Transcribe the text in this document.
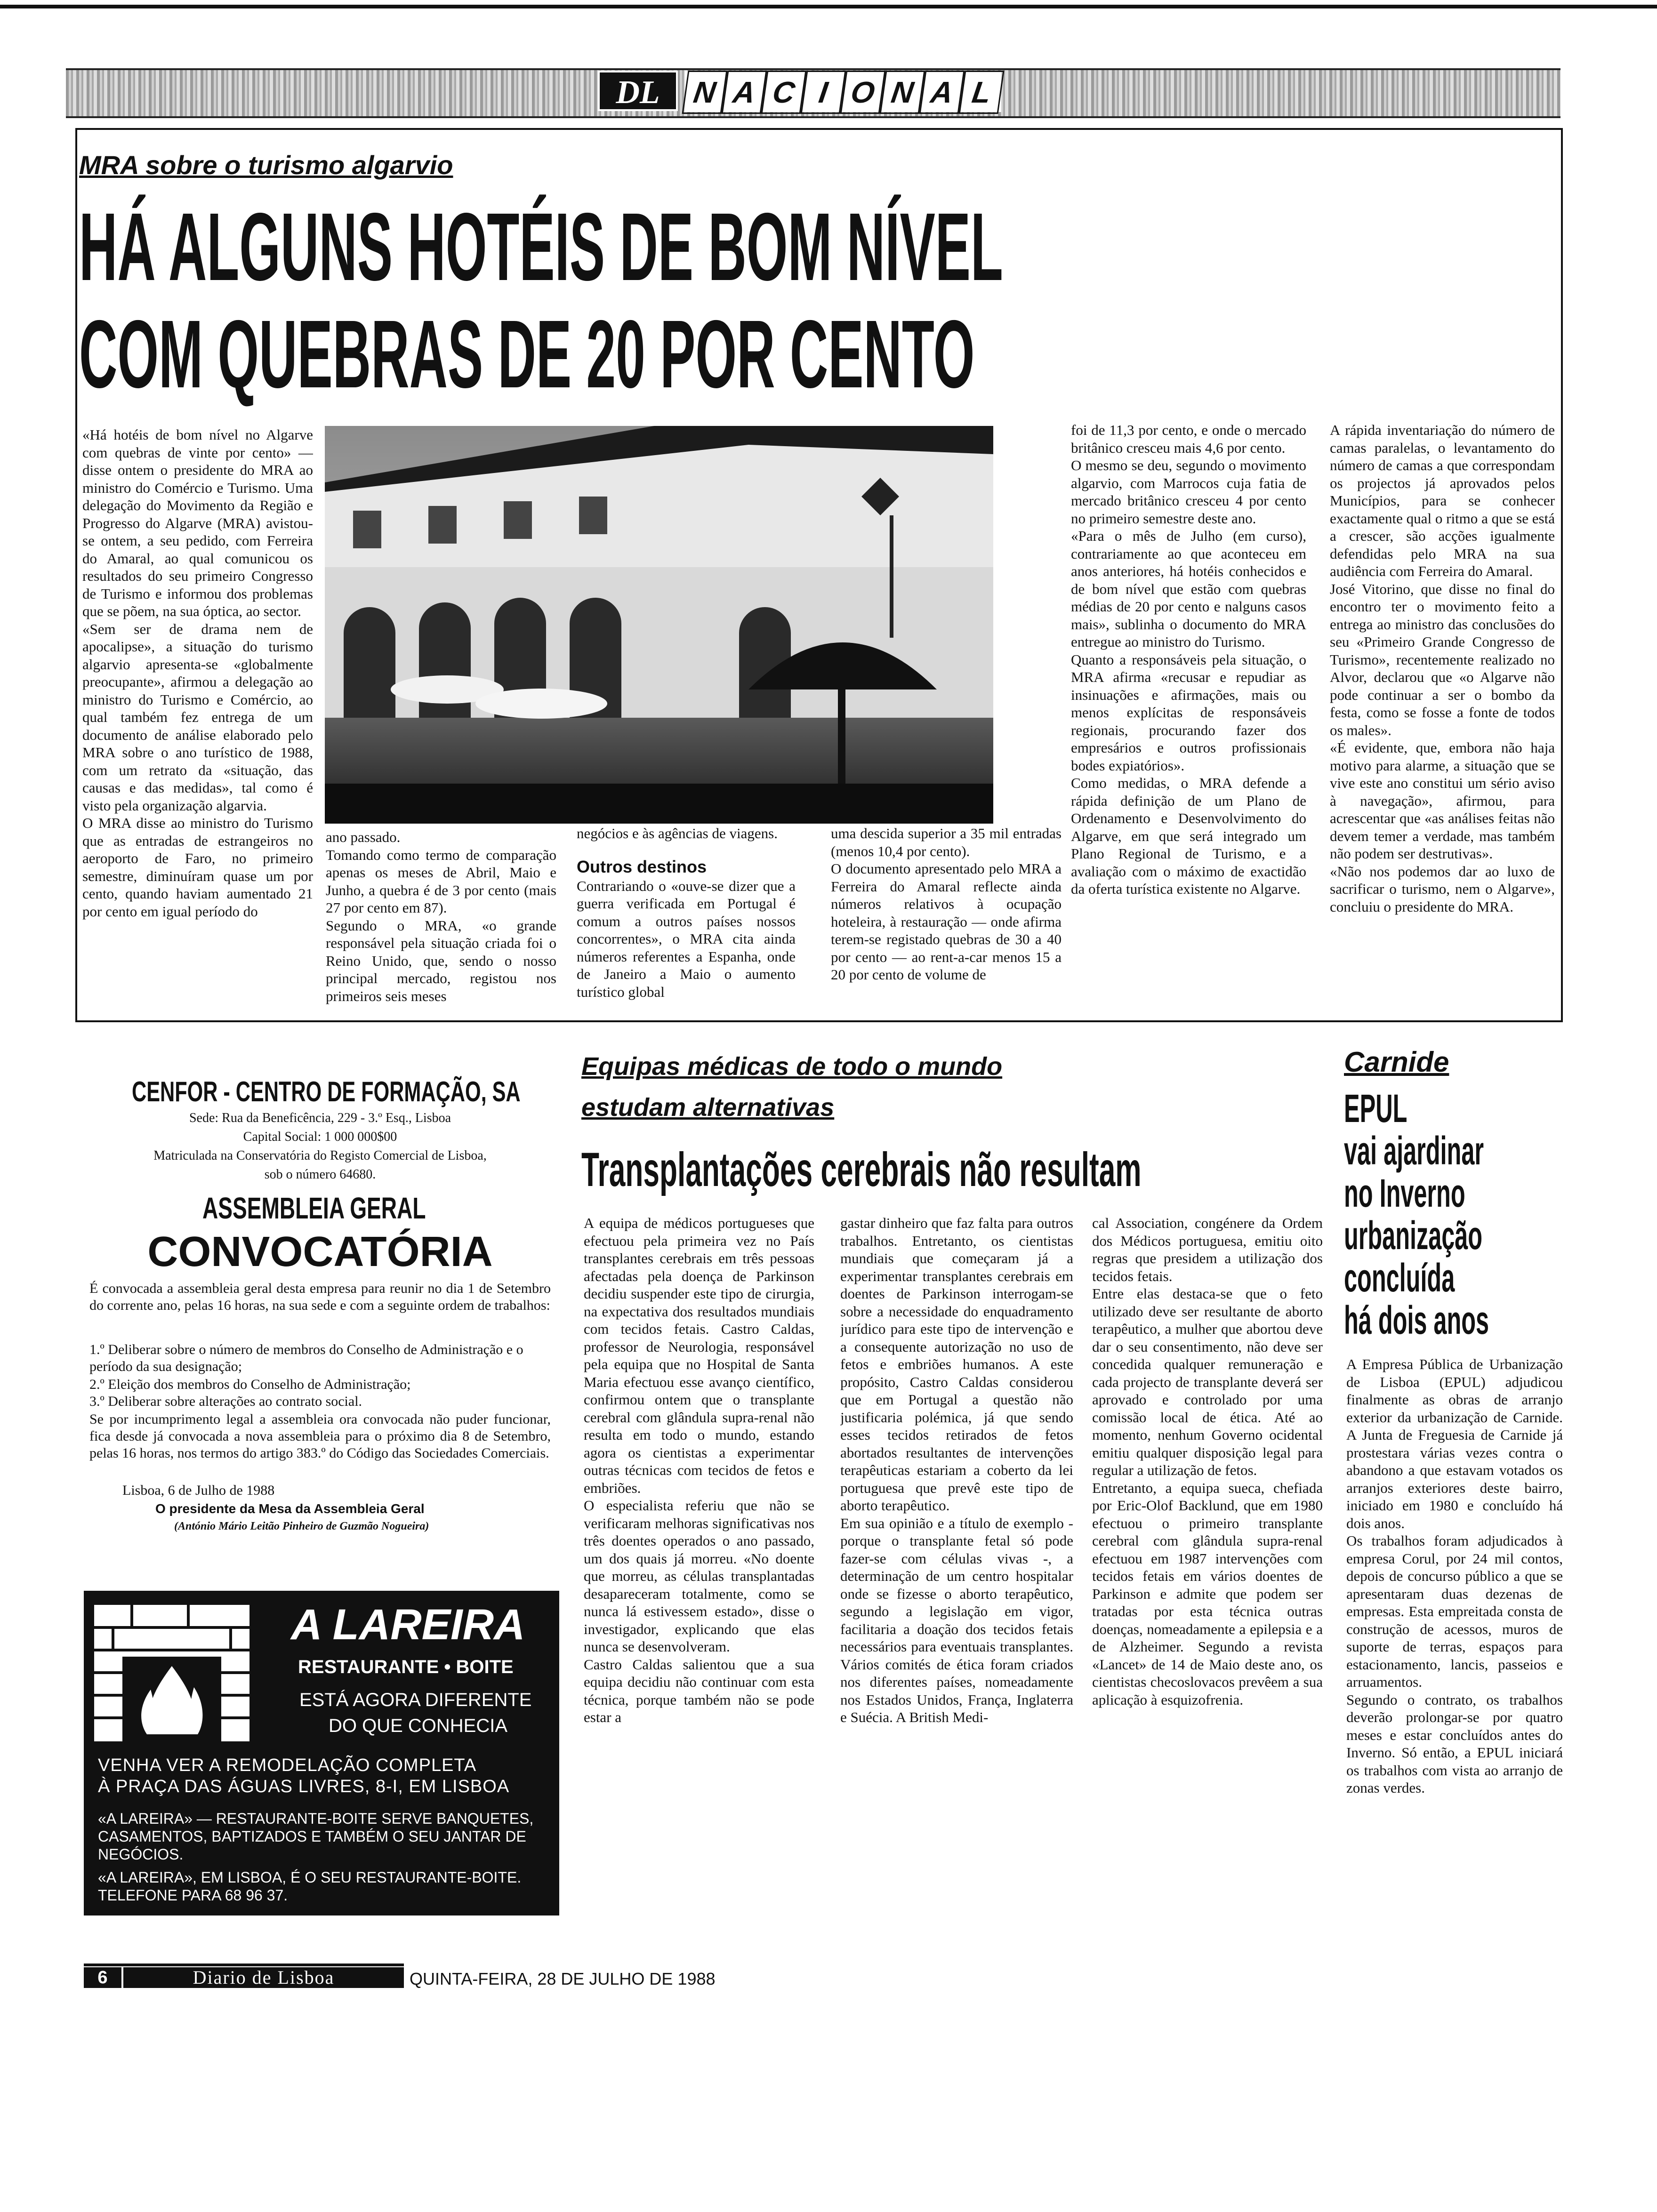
DL	N A C I O N A L
MRA sobre o turismo algarvio
HÁ ALGUNS HOTÉIS DE BOM NÍVEL
COM QUEBRAS DE 20 POR CENTO
«Há hotéis de bom nível no Algarve com quebras de vinte por cento» — disse ontem o presidente do MRA ao ministro do Comércio e Turismo. Uma delegação do Movimento da Região e Progresso do Algarve (MRA) avistou-se ontem, a seu pedido, com Ferreira do Amaral, ao qual comunicou os resultados do seu primeiro Congresso de Turismo e informou dos problemas que se põem, na sua óptica, ao sector.
«Sem ser de drama nem de apocalipse», a situação do turismo algarvio apresenta-se «globalmente preocupante», afirmou a delegação ao ministro do Turismo e Comércio, ao qual também fez entrega de um documento de análise elaborado pelo MRA sobre o ano turístico de 1988, com um retrato da «situação, das causas e das medidas», tal como é visto pela organização algarvia.
O MRA disse ao ministro do Turismo que as entradas de estrangeiros no aeroporto de Faro, no primeiro semestre, diminuíram quase um por cento, quando haviam aumentado 21 por cento em igual período do
ano passado.
Tomando como termo de comparação apenas os meses de Abril, Maio e Junho, a quebra é de 3 por cento (mais 27 por cento em 87).
Segundo o MRA, «o grande responsável pela situação criada foi o Reino Unido, que, sendo o nosso principal mercado, registou nos primeiros seis meses
negócios e às agências de viagens.
Outros destinos
Contrariando o «ouve-se dizer que a guerra verificada em Portugal é comum a outros países nossos concorrentes», o MRA cita ainda números referentes a Espanha, onde de Janeiro a Maio o aumento turístico global
uma descida superior a 35 mil entradas (menos 10,4 por cento).
O documento apresentado pelo MRA a Ferreira do Amaral reflecte ainda números relativos à ocupação hoteleira, à restauração — onde afirma terem-se registado quebras de 30 a 40 por cento — ao rent-a-car menos 15 a 20 por cento de volume de
foi de 11,3 por cento, e onde o mercado britânico cresceu mais 4,6 por cento.
O mesmo se deu, segundo o movimento algarvio, com Marrocos cuja fatia de mercado britânico cresceu 4 por cento no primeiro semestre deste ano.
«Para o mês de Julho (em curso), contrariamente ao que aconteceu em anos anteriores, há hotéis conhecidos e de bom nível que estão com quebras médias de 20 por cento e nalguns casos mais», sublinha o documento do MRA entregue ao ministro do Turismo.
Quanto a responsáveis pela situação, o MRA afirma «recusar e repudiar as insinuações e afirmações, mais ou menos explícitas de responsáveis regionais, procurando fazer dos empresários e outros profissionais bodes expiatórios».
Como medidas, o MRA defende a rápida definição de um Plano de Ordenamento e Desenvolvimento do Algarve, em que será integrado um Plano Regional de Turismo, e a avaliação com o máximo de exactidão da oferta turística existente no Algarve.
A rápida inventariação do número de camas paralelas, o levantamento do número de camas a que correspondam os projectos já aprovados pelos Municípios, para se conhecer exactamente qual o ritmo a que se está a crescer, são acções igualmente defendidas pelo MRA na sua audiência com Ferreira do Amaral.
José Vitorino, que disse no final do encontro ter o movimento feito a entrega ao ministro das conclusões do seu «Primeiro Grande Congresso de Turismo», recentemente realizado no Alvor, declarou que «o Algarve não pode continuar a ser o bombo da festa, como se fosse a fonte de todos os males».
«É evidente, que, embora não haja motivo para alarme, a situação que se vive este ano constitui um sério aviso à navegação», afirmou, para acrescentar que «as análises feitas não devem temer a verdade, mas também não podem ser destrutivas».
«Não nos podemos dar ao luxo de sacrificar o turismo, nem o Algarve», concluiu o presidente do MRA.
CENFOR - CENTRO DE FORMAÇÃO, SA
Sede: Rua da Beneficência, 229 - 3.º Esq., Lisboa
Capital Social: 1 000 000$00
Matriculada na Conservatória do Registo Comercial de Lisboa,
sob o número 64680.
ASSEMBLEIA GERAL
CONVOCATÓRIA
É convocada a assembleia geral desta empresa para reunir no dia 1 de Setembro do corrente ano, pelas 16 horas, na sua sede e com a seguinte ordem de trabalhos:
1.º Deliberar sobre o número de membros do Conselho de Administração e o período da sua designação;
2.º Eleição dos membros do Conselho de Administração;
3.º Deliberar sobre alterações ao contrato social.
Se por incumprimento legal a assembleia ora convocada não puder funcionar, fica desde já convocada a nova assembleia para o próximo dia 8 de Setembro, pelas 16 horas, nos termos do artigo 383.º do Código das Sociedades Comerciais.
Lisboa, 6 de Julho de 1988
O presidente da Mesa da Assembleia Geral
(António Mário Leitão Pinheiro de Guzmão Nogueira)
A LAREIRA
RESTAURANTE • BOITE
ESTÁ AGORA DIFERENTE
DO QUE CONHECIA
VENHA VER A REMODELAÇÃO COMPLETA
À PRAÇA DAS ÁGUAS LIVRES, 8-I, EM LISBOA
«A LAREIRA» — RESTAURANTE-BOITE SERVE BANQUETES, CASAMENTOS, BAPTIZADOS E TAMBÉM O SEU JANTAR DE NEGÓCIOS.
«A LAREIRA», EM LISBOA, É O SEU RESTAURANTE-BOITE. TELEFONE PARA 68 96 37.
Equipas médicas de todo o mundo
estudam alternativas
Transplantações cerebrais não resultam
A equipa de médicos portugueses que efectuou pela primeira vez no País transplantes cerebrais em três pessoas afectadas pela doença de Parkinson decidiu suspender este tipo de cirurgia, na expectativa dos resultados mundiais com tecidos fetais. Castro Caldas, professor de Neurologia, responsável pela equipa que no Hospital de Santa Maria efectuou esse avanço científico, confirmou ontem que o transplante cerebral com glândula supra-renal não resulta em todo o mundo, estando agora os cientistas a experimentar outras técnicas com tecidos de fetos e embriões.
O especialista referiu que não se verificaram melhoras significativas nos três doentes operados o ano passado, um dos quais já morreu. «No doente que morreu, as células transplantadas desapareceram totalmente, como se nunca lá estivessem estado», disse o investigador, explicando que elas nunca se desenvolveram.
Castro Caldas salientou que a sua equipa decidiu não continuar com esta técnica, porque também não se pode estar a
gastar dinheiro que faz falta para outros trabalhos. Entretanto, os cientistas mundiais que começaram já a experimentar transplantes cerebrais em doentes de Parkinson interrogam-se sobre a necessidade do enquadramento jurídico para este tipo de intervenção e a consequente autorização no uso de fetos e embriões humanos. A este propósito, Castro Caldas considerou que em Portugal a questão não justificaria polémica, já que sendo esses tecidos retirados de fetos abortados resultantes de intervenções terapêuticas estariam a coberto da lei portuguesa que prevê este tipo de aborto terapêutico.
Em sua opinião e a título de exemplo - porque o transplante fetal só pode fazer-se com células vivas -, a determinação de um centro hospitalar onde se fizesse o aborto terapêutico, segundo a legislação em vigor, facilitaria a doação dos tecidos fetais necessários para eventuais transplantes. Vários comités de ética foram criados nos diferentes países, nomeadamente nos Estados Unidos, França, Inglaterra e Suécia. A British Medi-
cal Association, congénere da Ordem dos Médicos portuguesa, emitiu oito regras que presidem a utilização dos tecidos fetais.
Entre elas destaca-se que o feto utilizado deve ser resultante de aborto terapêutico, a mulher que abortou deve dar o seu consentimento, não deve ser concedida qualquer remuneração e cada projecto de transplante deverá ser aprovado e controlado por uma comissão local de ética. Até ao momento, nenhum Governo ocidental emitiu qualquer disposição legal para regular a utilização de fetos.
Entretanto, a equipa sueca, chefiada por Eric-Olof Backlund, que em 1980 efectuou o primeiro transplante cerebral com glândula supra-renal efectuou em 1987 intervenções com tecidos fetais em vários doentes de Parkinson e admite que podem ser tratadas por esta técnica outras doenças, nomeadamente a epilepsia e a de Alzheimer. Segundo a revista «Lancet» de 14 de Maio deste ano, os cientistas checoslovacos prevêem a sua aplicação à esquizofrenia.
Carnide
EPUL
vai ajardinar
no Inverno
urbanização
concluída
há dois anos
A Empresa Pública de Urbanização de Lisboa (EPUL) adjudicou finalmente as obras de arranjo exterior da urbanização de Carnide. A Junta de Freguesia de Carnide já prostestara várias vezes contra o abandono a que estavam votados os arranjos exteriores deste bairro, iniciado em 1980 e concluído há dois anos.
Os trabalhos foram adjudicados à empresa Corul, por 24 mil contos, depois de concurso público a que se apresentaram duas dezenas de empresas. Esta empreitada consta de construção de acessos, muros de suporte de terras, espaços para estacionamento, lancis, passeios e arruamentos.
Segundo o contrato, os trabalhos deverão prolongar-se por quatro meses e estar concluídos antes do Inverno. Só então, a EPUL iniciará os trabalhos com vista ao arranjo de zonas verdes.
6	Diario de Lisboa	QUINTA-FEIRA, 28 DE JULHO DE 1988
